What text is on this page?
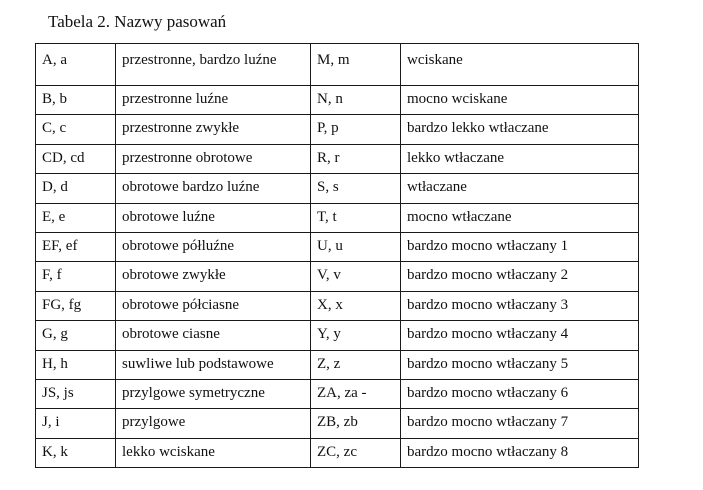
Tabela 2. Nazwy pasowań

A, a	przestronne, bardzo luźne	M, m	wciskane
B, b	przestronne luźne	N, n	mocno wciskane
C, c	przestronne zwykłe	P, p	bardzo lekko wtłaczane
CD, cd	przestronne obrotowe	R, r	lekko wtłaczane
D, d	obrotowe bardzo luźne	S, s	wtłaczane
E, e	obrotowe luźne	T, t	mocno wtłaczane
EF, ef	obrotowe półluźne	U, u	bardzo mocno wtłaczany 1
F, f	obrotowe zwykłe	V, v	bardzo mocno wtłaczany 2
FG, fg	obrotowe półciasne	X, x	bardzo mocno wtłaczany 3
G, g	obrotowe ciasne	Y, y	bardzo mocno wtłaczany 4
H, h	suwliwe lub podstawowe	Z, z	bardzo mocno wtłaczany 5
JS, js	przylgowe symetryczne	ZA, za -	bardzo mocno wtłaczany 6
J, i	przylgowe	ZB, zb	bardzo mocno wtłaczany 7
K, k	lekko wciskane	ZC, zc	bardzo mocno wtłaczany 8
